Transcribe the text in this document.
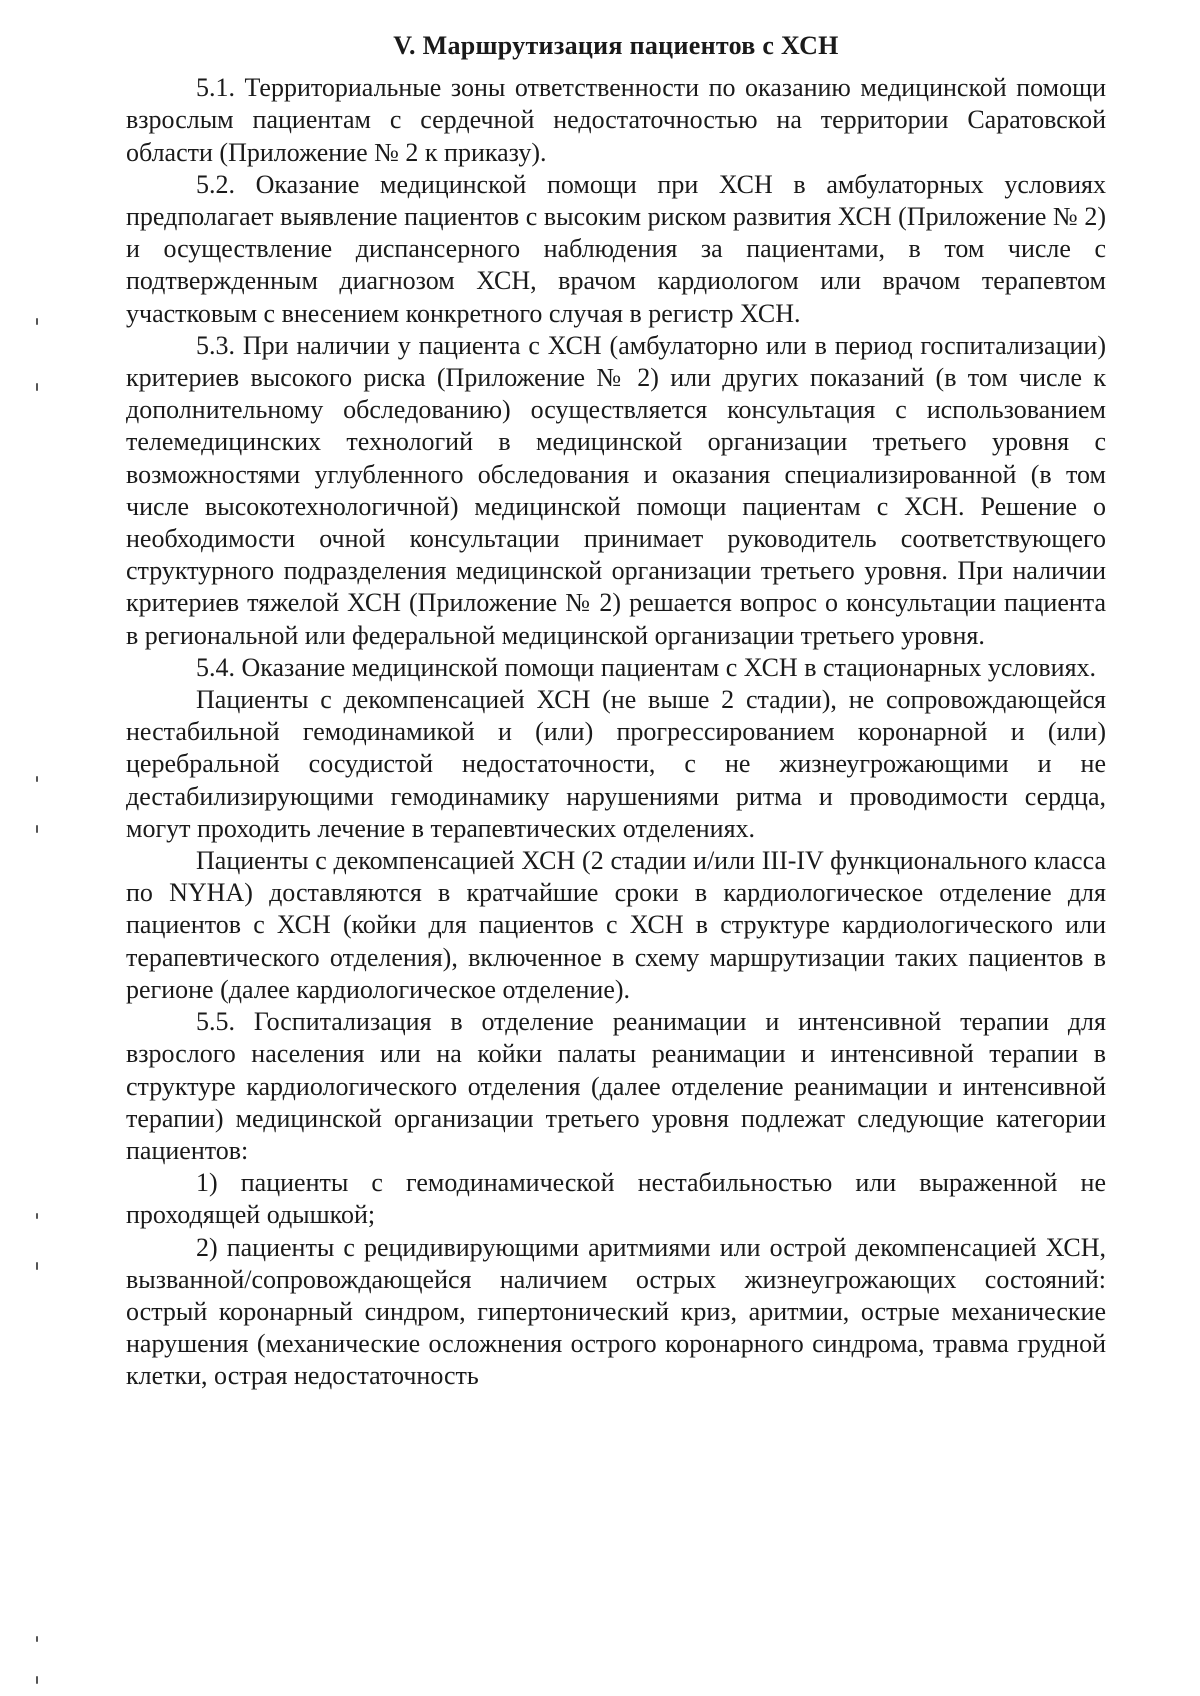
V. Маршрутизация пациентов с ХСН

5.1. Территориальные зоны ответственности по оказанию медицинской помощи взрослым пациентам с сердечной недостаточностью на территории Саратовской области (Приложение № 2 к приказу).

5.2. Оказание медицинской помощи при ХСН в амбулаторных условиях предполагает выявление пациентов с высоким риском развития ХСН (Приложение № 2) и осуществление диспансерного наблюдения за пациентами, в том числе с подтвержденным диагнозом ХСН, врачом кардиологом или врачом терапевтом участковым с внесением конкретного случая в регистр ХСН.

5.3. При наличии у пациента с ХСН (амбулаторно или в период госпитализации) критериев высокого риска (Приложение № 2) или других показаний (в том числе к дополнительному обследованию) осуществляется консультация с использованием телемедицинских технологий в медицинской организации третьего уровня с возможностями углубленного обследования и оказания специализированной (в том числе высокотехнологичной) медицинской помощи пациентам с ХСН. Решение о необходимости очной консультации принимает руководитель соответствующего структурного подразделения медицинской организации третьего уровня. При наличии критериев тяжелой ХСН (Приложение № 2) решается вопрос о консультации пациента в региональной или федеральной медицинской организации третьего уровня.

5.4. Оказание медицинской помощи пациентам с ХСН в стационарных условиях.

Пациенты с декомпенсацией ХСН (не выше 2 стадии), не сопровождающейся нестабильной гемодинамикой и (или) прогрессированием коронарной и (или) церебральной сосудистой недостаточности, с не жизнеугрожающими и не дестабилизирующими гемодинамику нарушениями ритма и проводимости сердца, могут проходить лечение в терапевтических отделениях.

Пациенты с декомпенсацией ХСН (2 стадии и/или III-IV функционального класса по NYHA) доставляются в кратчайшие сроки в кардиологическое отделение для пациентов с ХСН (койки для пациентов с ХСН в структуре кардиологического или терапевтического отделения), включенное в схему маршрутизации таких пациентов в регионе (далее кардиологическое отделение).

5.5. Госпитализация в отделение реанимации и интенсивной терапии для взрослого населения или на койки палаты реанимации и интенсивной терапии в структуре кардиологического отделения (далее отделение реанимации и интенсивной терапии) медицинской организации третьего уровня подлежат следующие категории пациентов:

1) пациенты с гемодинамической нестабильностью или выраженной не проходящей одышкой;

2) пациенты с рецидивирующими аритмиями или острой декомпенсацией ХСН, вызванной/сопровождающейся наличием острых жизнеугрожающих состояний: острый коронарный синдром, гипертонический криз, аритмии, острые механические нарушения (механические осложнения острого коронарного синдрома, травма грудной клетки, острая недостаточность
